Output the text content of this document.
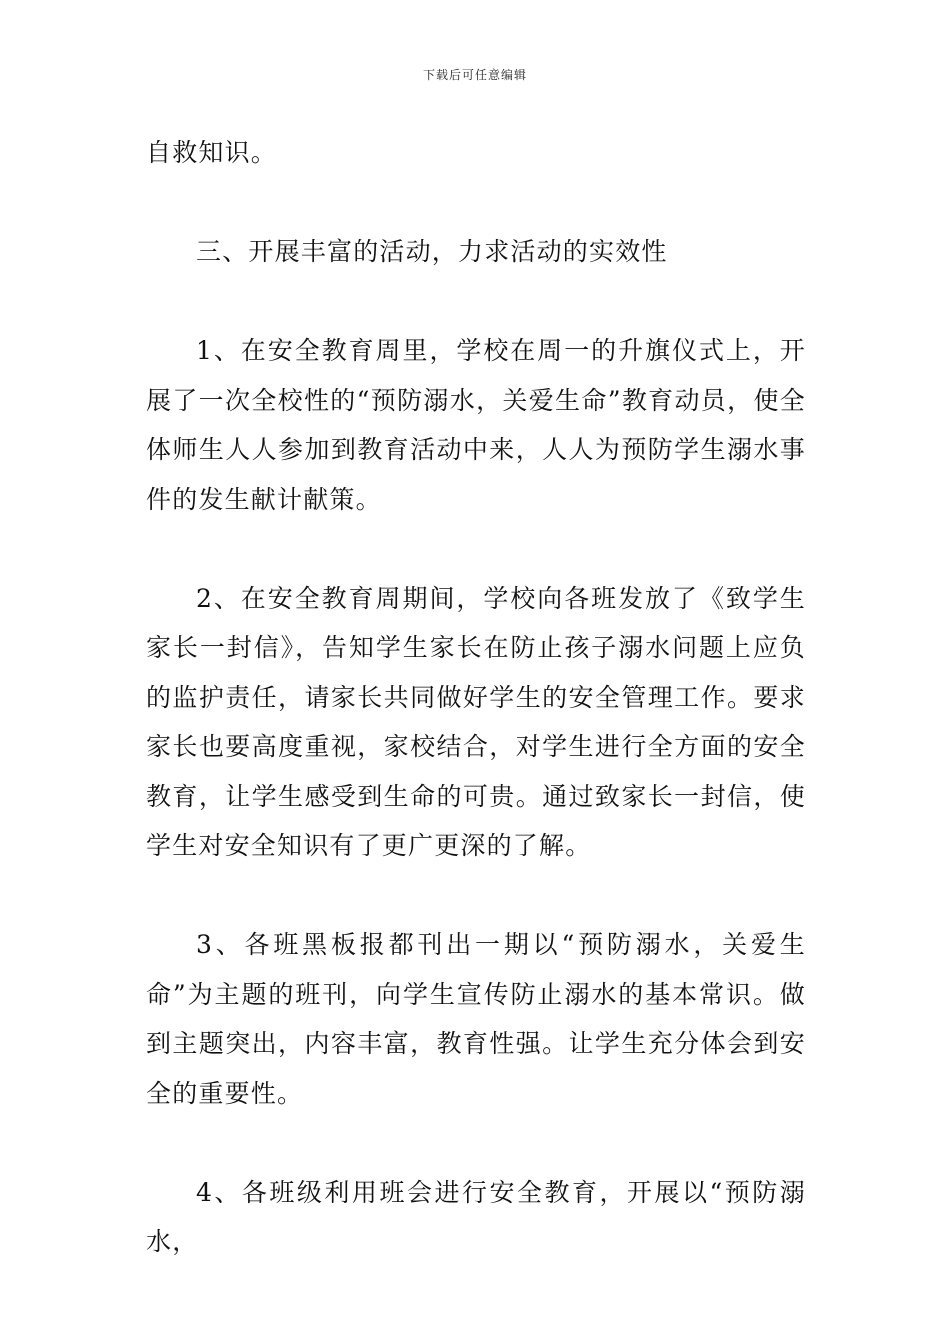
下载后可任意编辑

自救知识。

三、开展丰富的活动，力求活动的实效性

1、在安全教育周里，学校在周一的升旗仪式上，开展了一次全校性的“预防溺水，关爱生命”教育动员，使全体师生人人参加到教育活动中来，人人为预防学生溺水事件的发生献计献策。

2、在安全教育周期间，学校向各班发放了《致学生家长一封信》，告知学生家长在防止孩子溺水问题上应负的监护责任，请家长共同做好学生的安全管理工作。要求家长也要高度重视，家校结合，对学生进行全方面的安全教育，让学生感受到生命的可贵。通过致家长一封信，使学生对安全知识有了更广更深的了解。

3、各班黑板报都刊出一期以“预防溺水，关爱生命”为主题的班刊，向学生宣传防止溺水的基本常识。做到主题突出，内容丰富，教育性强。让学生充分体会到安全的重要性。

4、各班级利用班会进行安全教育，开展以“预防溺水，
